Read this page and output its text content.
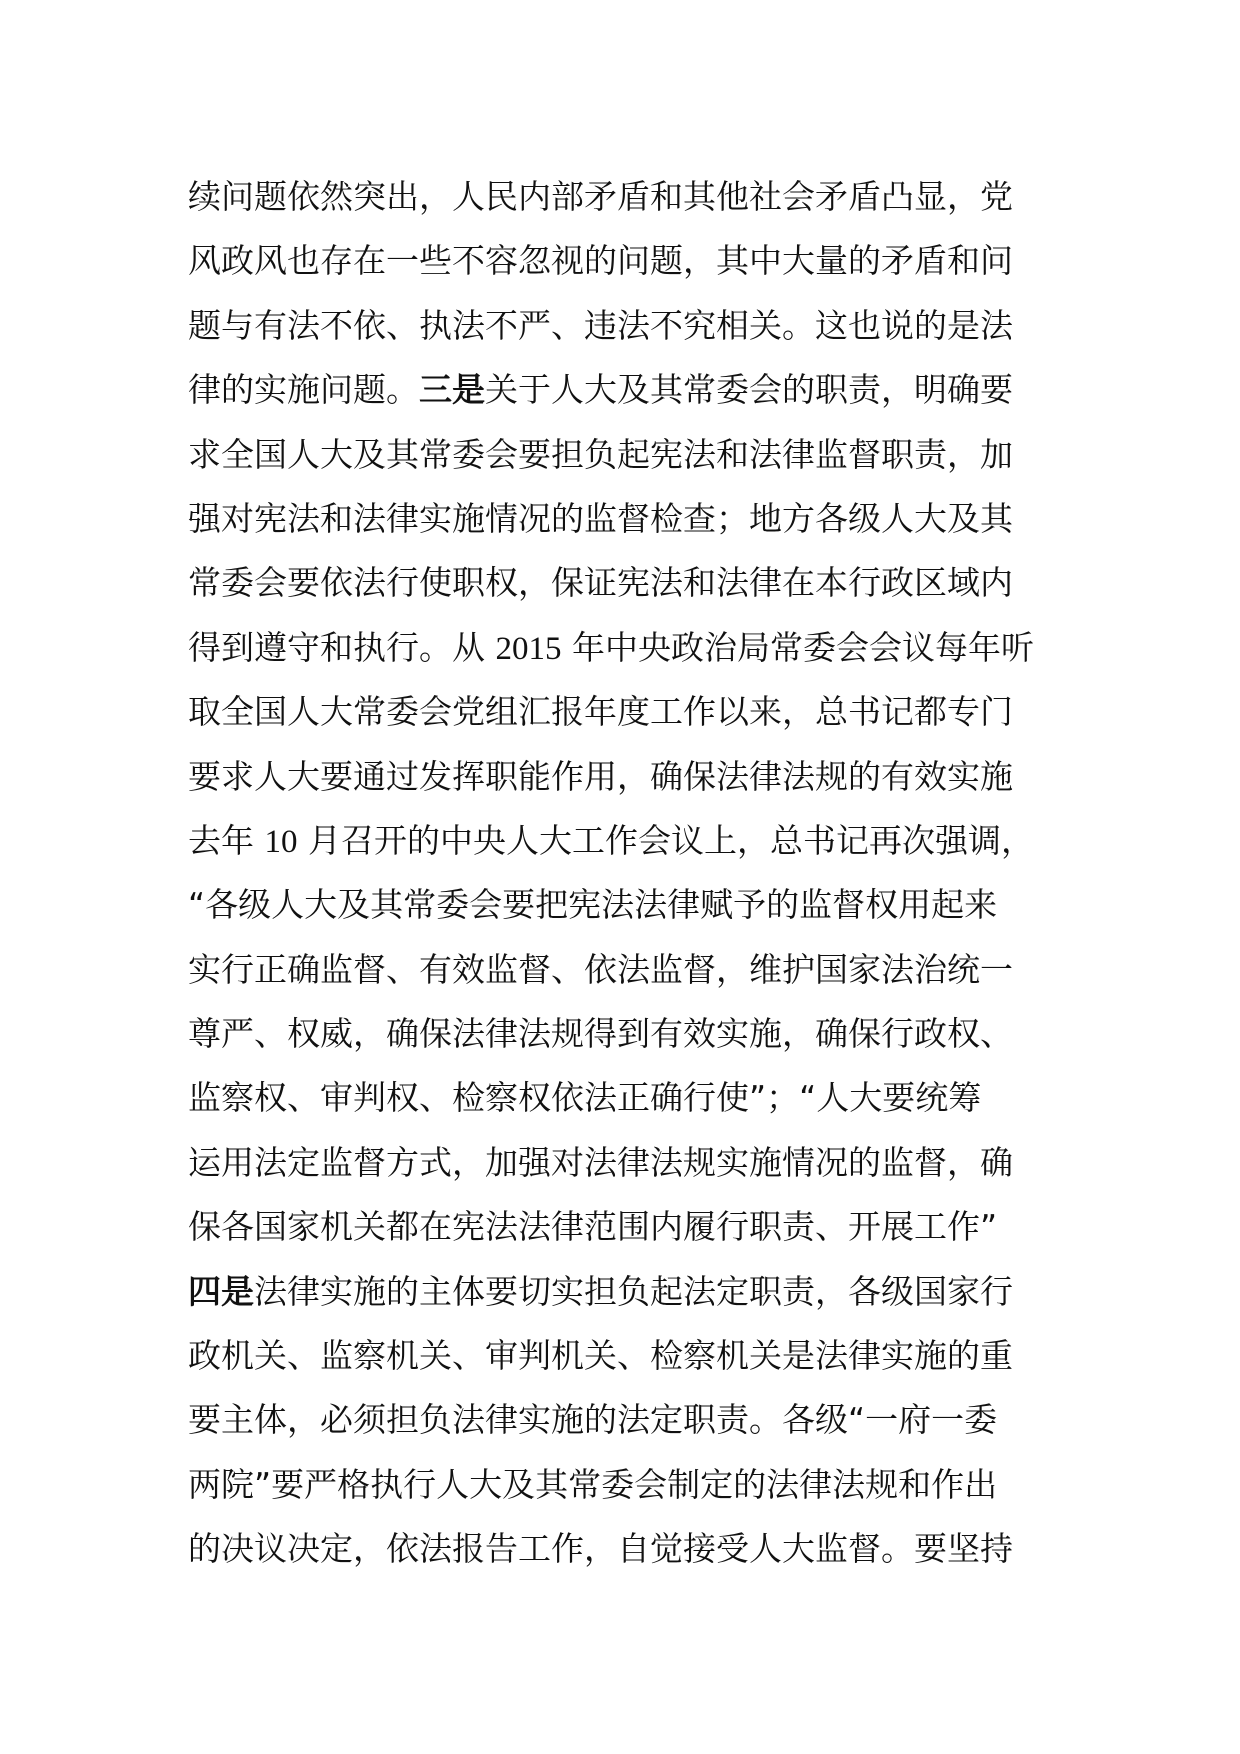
续问题依然突出，人民内部矛盾和其他社会矛盾凸显，党
风政风也存在一些不容忽视的问题，其中大量的矛盾和问
题与有法不依、执法不严、违法不究相关。这也说的是法
律的实施问题。三是关于人大及其常委会的职责，明确要
求全国人大及其常委会要担负起宪法和法律监督职责，加
强对宪法和法律实施情况的监督检查；地方各级人大及其
常委会要依法行使职权，保证宪法和法律在本行政区域内
得到遵守和执行。从 2015 年中央政治局常委会会议每年听
取全国人大常委会党组汇报年度工作以来，总书记都专门
要求人大要通过发挥职能作用，确保法律法规的有效实施
去年 10 月召开的中央人大工作会议上，总书记再次强调，
“各级人大及其常委会要把宪法法律赋予的监督权用起来
实行正确监督、有效监督、依法监督，维护国家法治统一
尊严、权威，确保法律法规得到有效实施，确保行政权、
监察权、审判权、检察权依法正确行使”；“人大要统筹
运用法定监督方式，加强对法律法规实施情况的监督，确
保各国家机关都在宪法法律范围内履行职责、开展工作”
四是法律实施的主体要切实担负起法定职责，各级国家行
政机关、监察机关、审判机关、检察机关是法律实施的重
要主体，必须担负法律实施的法定职责。各级“一府一委
两院”要严格执行人大及其常委会制定的法律法规和作出
的决议决定，依法报告工作，自觉接受人大监督。要坚持
